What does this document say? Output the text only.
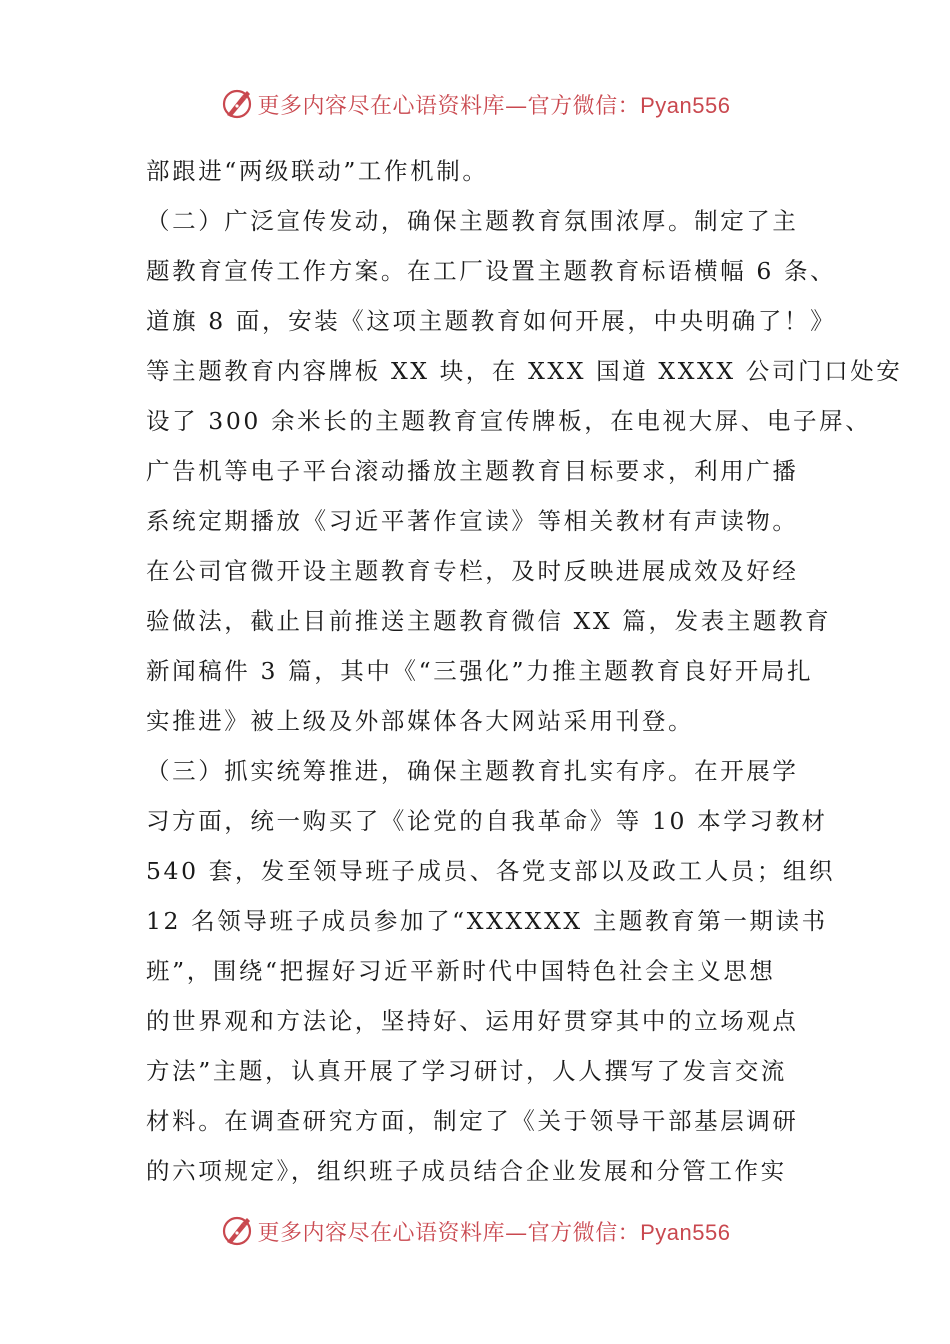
更多内容尽在心语资料库—官方微信：Pyan556
部跟进“两级联动”工作机制。
（二）广泛宣传发动，确保主题教育氛围浓厚。制定了主
题教育宣传工作方案。在工厂设置主题教育标语横幅 6 条、
道旗 8 面，安装《这项主题教育如何开展，中央明确了！》
等主题教育内容牌板 XX 块，在 XXX 国道 XXXX 公司门口处安
设了 300 余米长的主题教育宣传牌板，在电视大屏、电子屏、
广告机等电子平台滚动播放主题教育目标要求，利用广播
系统定期播放《习近平著作宣读》等相关教材有声读物。
在公司官微开设主题教育专栏，及时反映进展成效及好经
验做法，截止目前推送主题教育微信 XX 篇，发表主题教育
新闻稿件 3 篇，其中《“三强化”力推主题教育良好开局扎
实推进》被上级及外部媒体各大网站采用刊登。
（三）抓实统筹推进，确保主题教育扎实有序。在开展学
习方面，统一购买了《论党的自我革命》等 10 本学习教材
540 套，发至领导班子成员、各党支部以及政工人员；组织
12 名领导班子成员参加了“XXXXXX 主题教育第一期读书
班”，围绕“把握好习近平新时代中国特色社会主义思想
的世界观和方法论，坚持好、运用好贯穿其中的立场观点
方法”主题，认真开展了学习研讨，人人撰写了发言交流
材料。在调查研究方面，制定了《关于领导干部基层调研
的六项规定》，组织班子成员结合企业发展和分管工作实
更多内容尽在心语资料库—官方微信：Pyan556
